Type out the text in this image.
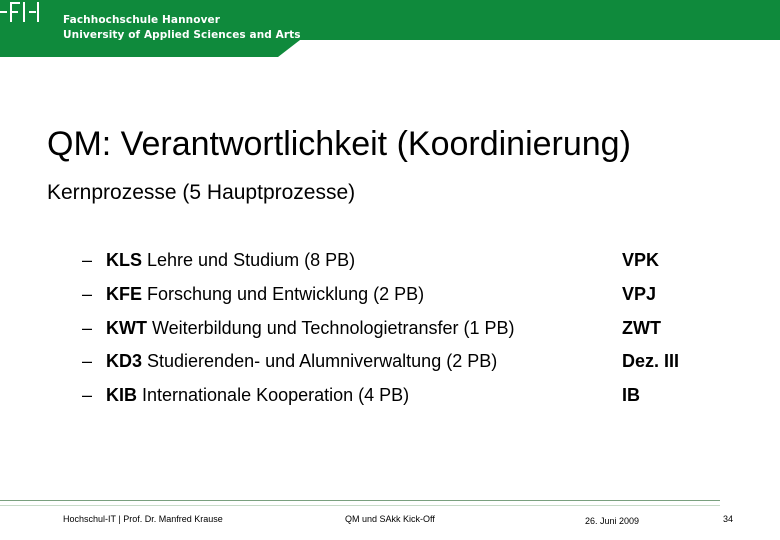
Fachhochschule Hannover
University of Applied Sciences and Arts
QM: Verantwortlichkeit (Koordinierung)
Kernprozesse (5 Hauptprozesse)
– KLS Lehre und Studium (8 PB)	VPK
– KFE Forschung und Entwicklung (2 PB)	VPJ
– KWT Weiterbildung und Technologietransfer (1 PB)	ZWT
– KD3 Studierenden- und Alumniverwaltung (2 PB)	Dez. III
– KIB Internationale Kooperation (4 PB)	IB
Hochschul-IT | Prof. Dr. Manfred Krause	QM und SAkk Kick-Off	26. Juni 2009	34
